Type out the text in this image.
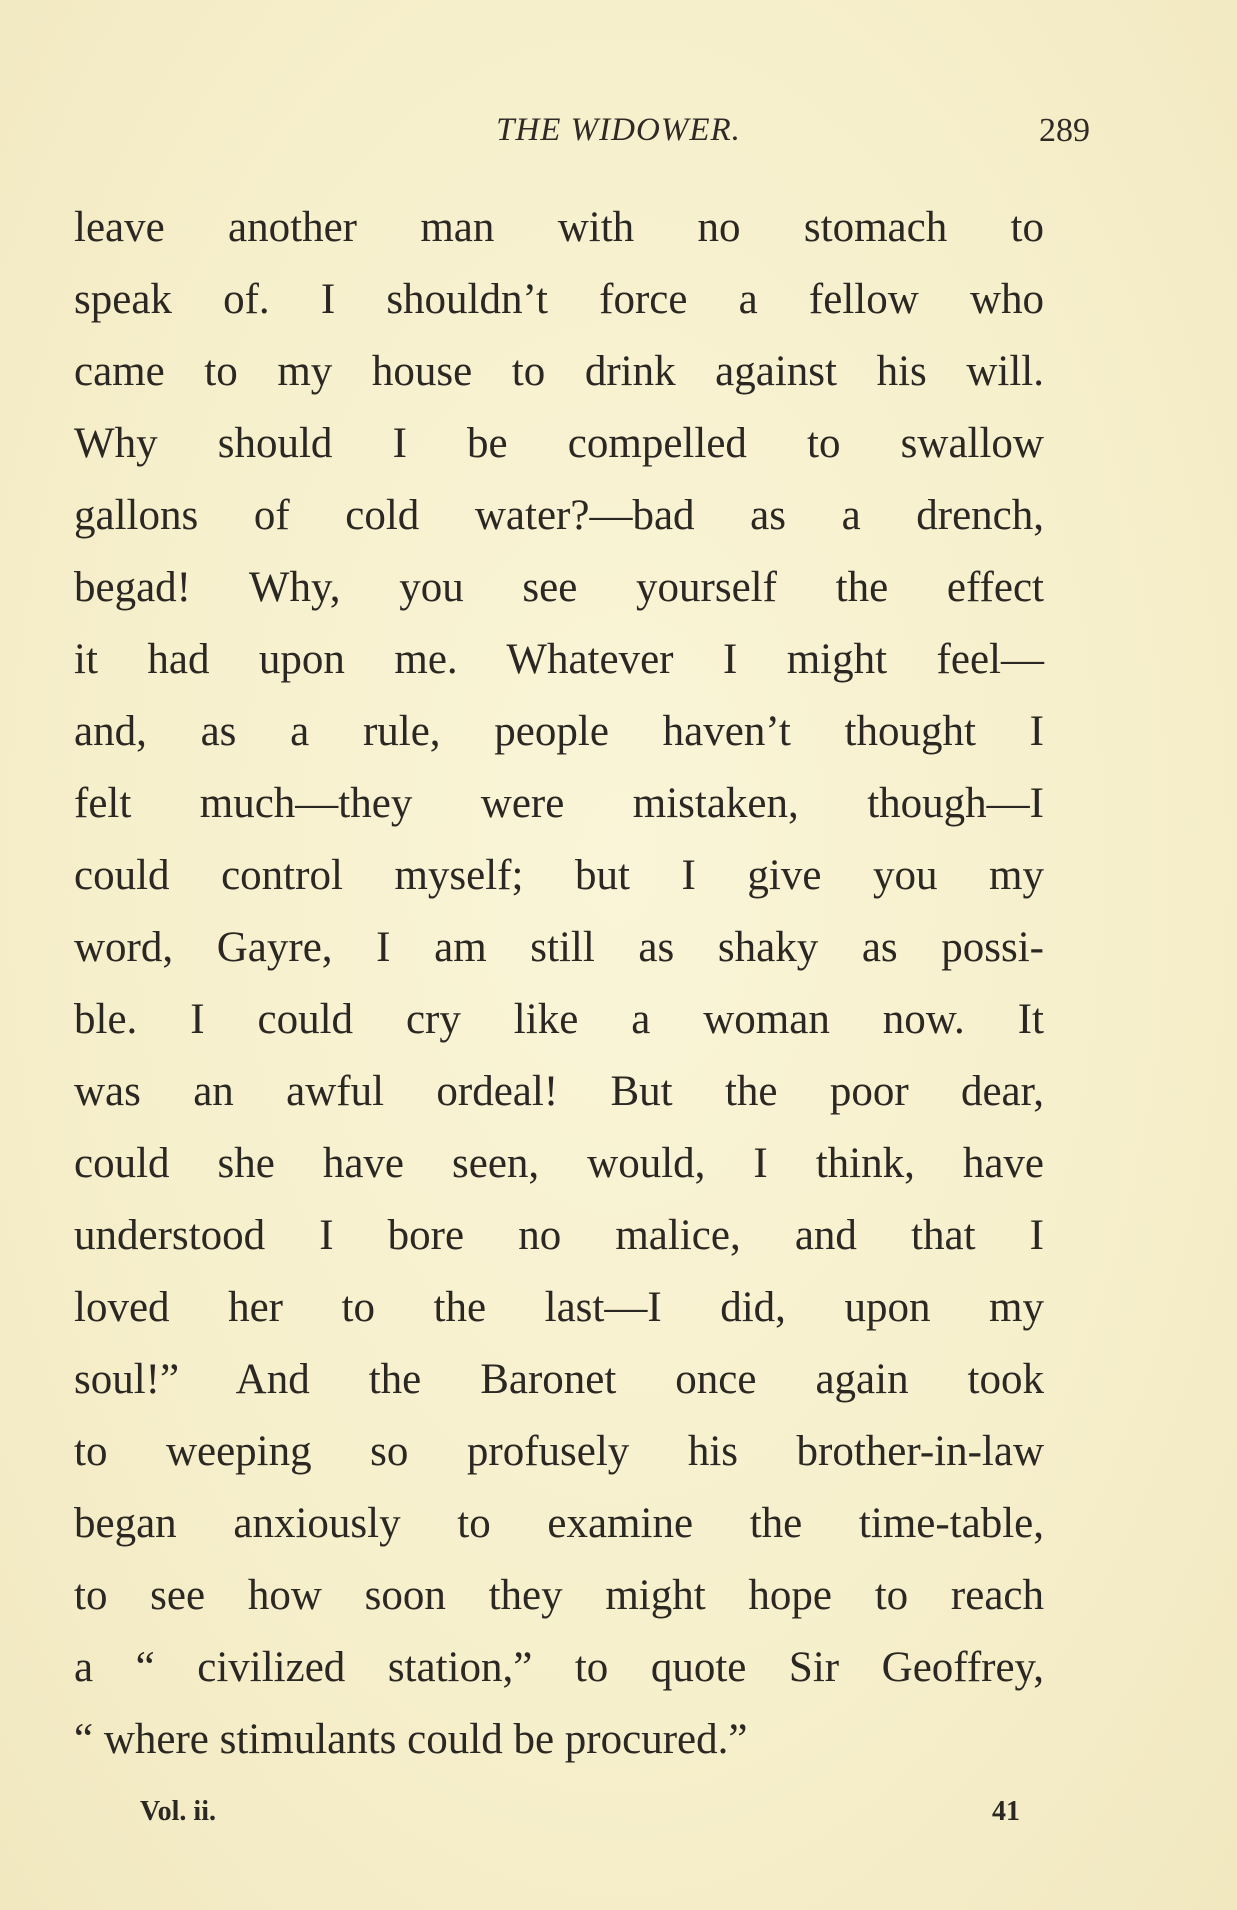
THE WIDOWER.	289
leave another man with no stomach to
speak of. I shouldn’t force a fellow who
came to my house to drink against his will.
Why should I be compelled to swallow
gallons of cold water?—bad as a drench,
begad! Why, you see yourself the effect
it had upon me. Whatever I might feel—
and, as a rule, people haven’t thought I
felt much—they were mistaken, though—I
could control myself; but I give you my
word, Gayre, I am still as shaky as possi-
ble. I could cry like a woman now. It
was an awful ordeal! But the poor dear,
could she have seen, would, I think, have
understood I bore no malice, and that I
loved her to the last—I did, upon my
soul!” And the Baronet once again took
to weeping so profusely his brother-in-law
began anxiously to examine the time-table,
to see how soon they might hope to reach
a “ civilized station,” to quote Sir Geoffrey,
“ where stimulants could be procured.”
Vol. ii.	41
